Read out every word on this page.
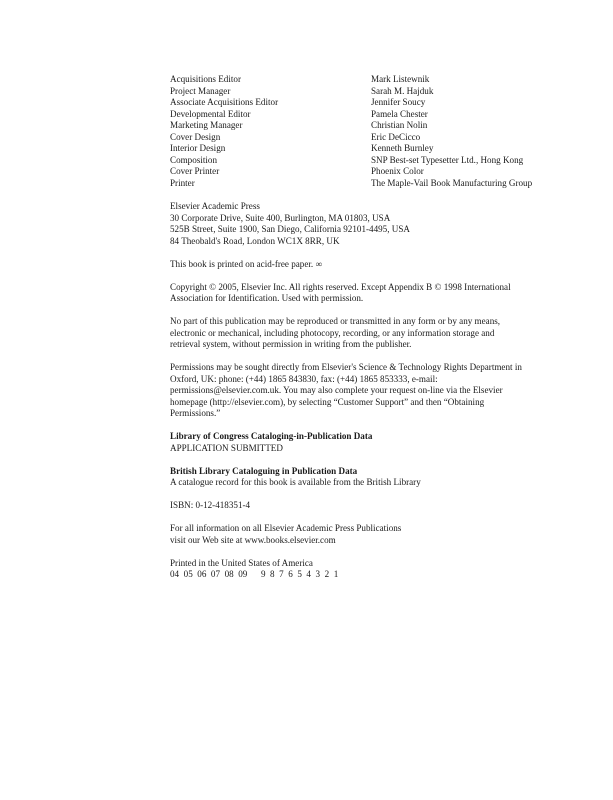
Acquisitions Editor	Mark Listewnik
Project Manager	Sarah M. Hajduk
Associate Acquisitions Editor	Jennifer Soucy
Developmental Editor	Pamela Chester
Marketing Manager	Christian Nolin
Cover Design	Eric DeCicco
Interior Design	Kenneth Burnley
Composition	SNP Best-set Typesetter Ltd., Hong Kong
Cover Printer	Phoenix Color
Printer	The Maple-Vail Book Manufacturing Group
Elsevier Academic Press
30 Corporate Drive, Suite 400, Burlington, MA 01803, USA
525B Street, Suite 1900, San Diego, California 92101-4495, USA
84 Theobald's Road, London WC1X 8RR, UK
This book is printed on acid-free paper. ∞
Copyright © 2005, Elsevier Inc. All rights reserved. Except Appendix B © 1998 International
Association for Identification. Used with permission.
No part of this publication may be reproduced or transmitted in any form or by any means,
electronic or mechanical, including photocopy, recording, or any information storage and
retrieval system, without permission in writing from the publisher.
Permissions may be sought directly from Elsevier's Science & Technology Rights Department in
Oxford, UK: phone: (+44) 1865 843830, fax: (+44) 1865 853333, e-mail:
permissions@elsevier.com.uk. You may also complete your request on-line via the Elsevier
homepage (http://elsevier.com), by selecting “Customer Support” and then “Obtaining
Permissions.”
Library of Congress Cataloging-in-Publication Data
APPLICATION SUBMITTED
British Library Cataloguing in Publication Data
A catalogue record for this book is available from the British Library
ISBN: 0-12-418351-4
For all information on all Elsevier Academic Press Publications
visit our Web site at www.books.elsevier.com
Printed in the United States of America
04  05  06  07  08  09 9  8  7  6  5  4  3  2  1
